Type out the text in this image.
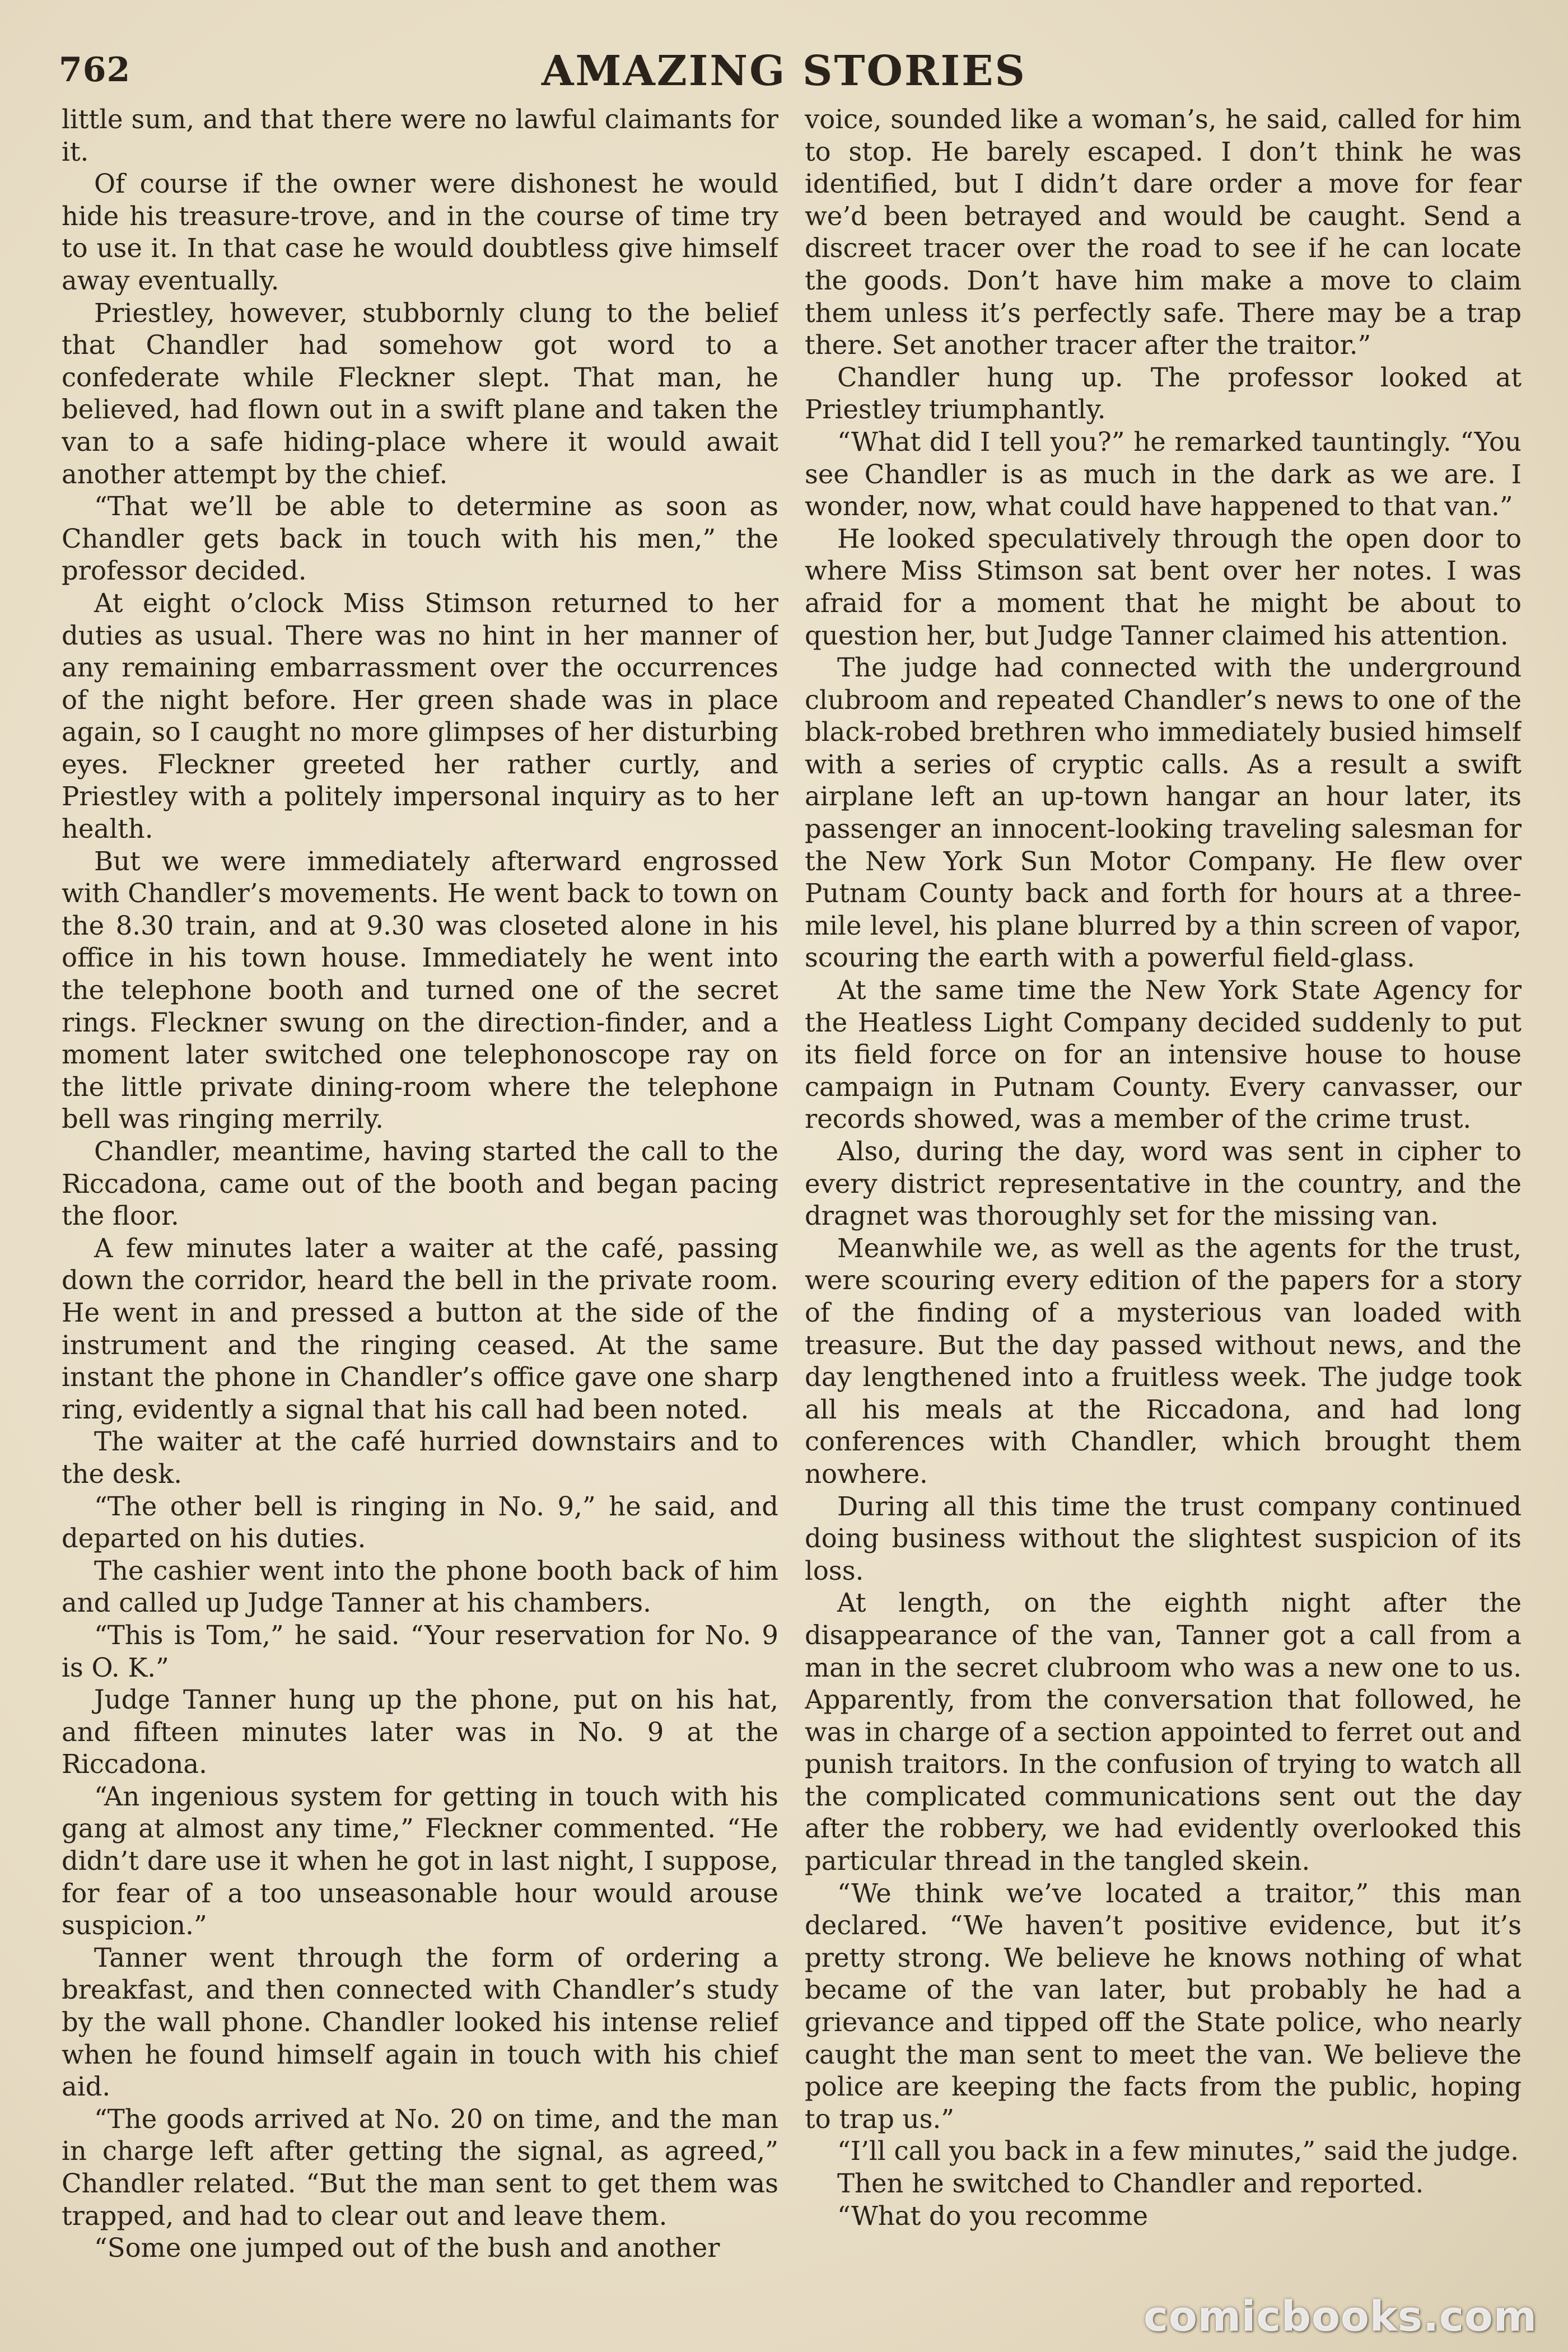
762	AMAZING STORIES

little sum, and that there were no lawful claimants for it.

Of course if the owner were dishonest he would hide his treasure-trove, and in the course of time try to use it. In that case he would doubtless give himself away eventually.

Priestley, however, stubbornly clung to the belief that Chandler had somehow got word to a confederate while Fleckner slept. That man, he believed, had flown out in a swift plane and taken the van to a safe hiding-place where it would await another attempt by the chief.

“That we’ll be able to determine as soon as Chandler gets back in touch with his men,” the professor decided.

At eight o’clock Miss Stimson returned to her duties as usual. There was no hint in her manner of any remaining embarrassment over the occurrences of the night before. Her green shade was in place again, so I caught no more glimpses of her disturbing eyes. Fleckner greeted her rather curtly, and Priestley with a politely impersonal inquiry as to her health.

But we were immediately afterward engrossed with Chandler’s movements. He went back to town on the 8.30 train, and at 9.30 was closeted alone in his office in his town house. Immediately he went into the telephone booth and turned one of the secret rings. Fleckner swung on the direction-finder, and a moment later switched one telephonoscope ray on the little private dining-room where the telephone bell was ringing merrily.

Chandler, meantime, having started the call to the Riccadona, came out of the booth and began pacing the floor.

A few minutes later a waiter at the café, passing down the corridor, heard the bell in the private room. He went in and pressed a button at the side of the instrument and the ringing ceased. At the same instant the phone in Chandler’s office gave one sharp ring, evidently a signal that his call had been noted.

The waiter at the café hurried downstairs and to the desk.

“The other bell is ringing in No. 9,” he said, and departed on his duties.

The cashier went into the phone booth back of him and called up Judge Tanner at his chambers.

“This is Tom,” he said. “Your reservation for No. 9 is O. K.”

Judge Tanner hung up the phone, put on his hat, and fifteen minutes later was in No. 9 at the Riccadona.

“An ingenious system for getting in touch with his gang at almost any time,” Fleckner commented. “He didn’t dare use it when he got in last night, I suppose, for fear of a too unseasonable hour would arouse suspicion.”

Tanner went through the form of ordering a breakfast, and then connected with Chandler’s study by the wall phone. Chandler looked his intense relief when he found himself again in touch with his chief aid.

“The goods arrived at No. 20 on time, and the man in charge left after getting the signal, as agreed,” Chandler related. “But the man sent to get them was trapped, and had to clear out and leave them.

“Some one jumped out of the bush and another

voice, sounded like a woman’s, he said, called for him to stop. He barely escaped. I don’t think he was identified, but I didn’t dare order a move for fear we’d been betrayed and would be caught. Send a discreet tracer over the road to see if he can locate the goods. Don’t have him make a move to claim them unless it’s perfectly safe. There may be a trap there. Set another tracer after the traitor.”

Chandler hung up. The professor looked at Priestley triumphantly.

“What did I tell you?” he remarked tauntingly. “You see Chandler is as much in the dark as we are. I wonder, now, what could have happened to that van.”

He looked speculatively through the open door to where Miss Stimson sat bent over her notes. I was afraid for a moment that he might be about to question her, but Judge Tanner claimed his attention.

The judge had connected with the underground clubroom and repeated Chandler’s news to one of the black-robed brethren who immediately busied himself with a series of cryptic calls. As a result a swift airplane left an up-town hangar an hour later, its passenger an innocent-looking traveling salesman for the New York Sun Motor Company. He flew over Putnam County back and forth for hours at a three-mile level, his plane blurred by a thin screen of vapor, scouring the earth with a powerful field-glass.

At the same time the New York State Agency for the Heatless Light Company decided suddenly to put its field force on for an intensive house to house campaign in Putnam County. Every canvasser, our records showed, was a member of the crime trust.

Also, during the day, word was sent in cipher to every district representative in the country, and the dragnet was thoroughly set for the missing van.

Meanwhile we, as well as the agents for the trust, were scouring every edition of the papers for a story of the finding of a mysterious van loaded with treasure. But the day passed without news, and the day lengthened into a fruitless week. The judge took all his meals at the Riccadona, and had long conferences with Chandler, which brought them nowhere.

During all this time the trust company continued doing business without the slightest suspicion of its loss.

At length, on the eighth night after the disappearance of the van, Tanner got a call from a man in the secret clubroom who was a new one to us. Apparently, from the conversation that followed, he was in charge of a section appointed to ferret out and punish traitors. In the confusion of trying to watch all the complicated communications sent out the day after the robbery, we had evidently overlooked this particular thread in the tangled skein.

“We think we’ve located a traitor,” this man declared. “We haven’t positive evidence, but it’s pretty strong. We believe he knows nothing of what became of the van later, but probably he had a grievance and tipped off the State police, who nearly caught the man sent to meet the van. We believe the police are keeping the facts from the public, hoping to trap us.”

“I’ll call you back in a few minutes,” said the judge.

Then he switched to Chandler and reported.

“What do you recomme

comicbooks.com
